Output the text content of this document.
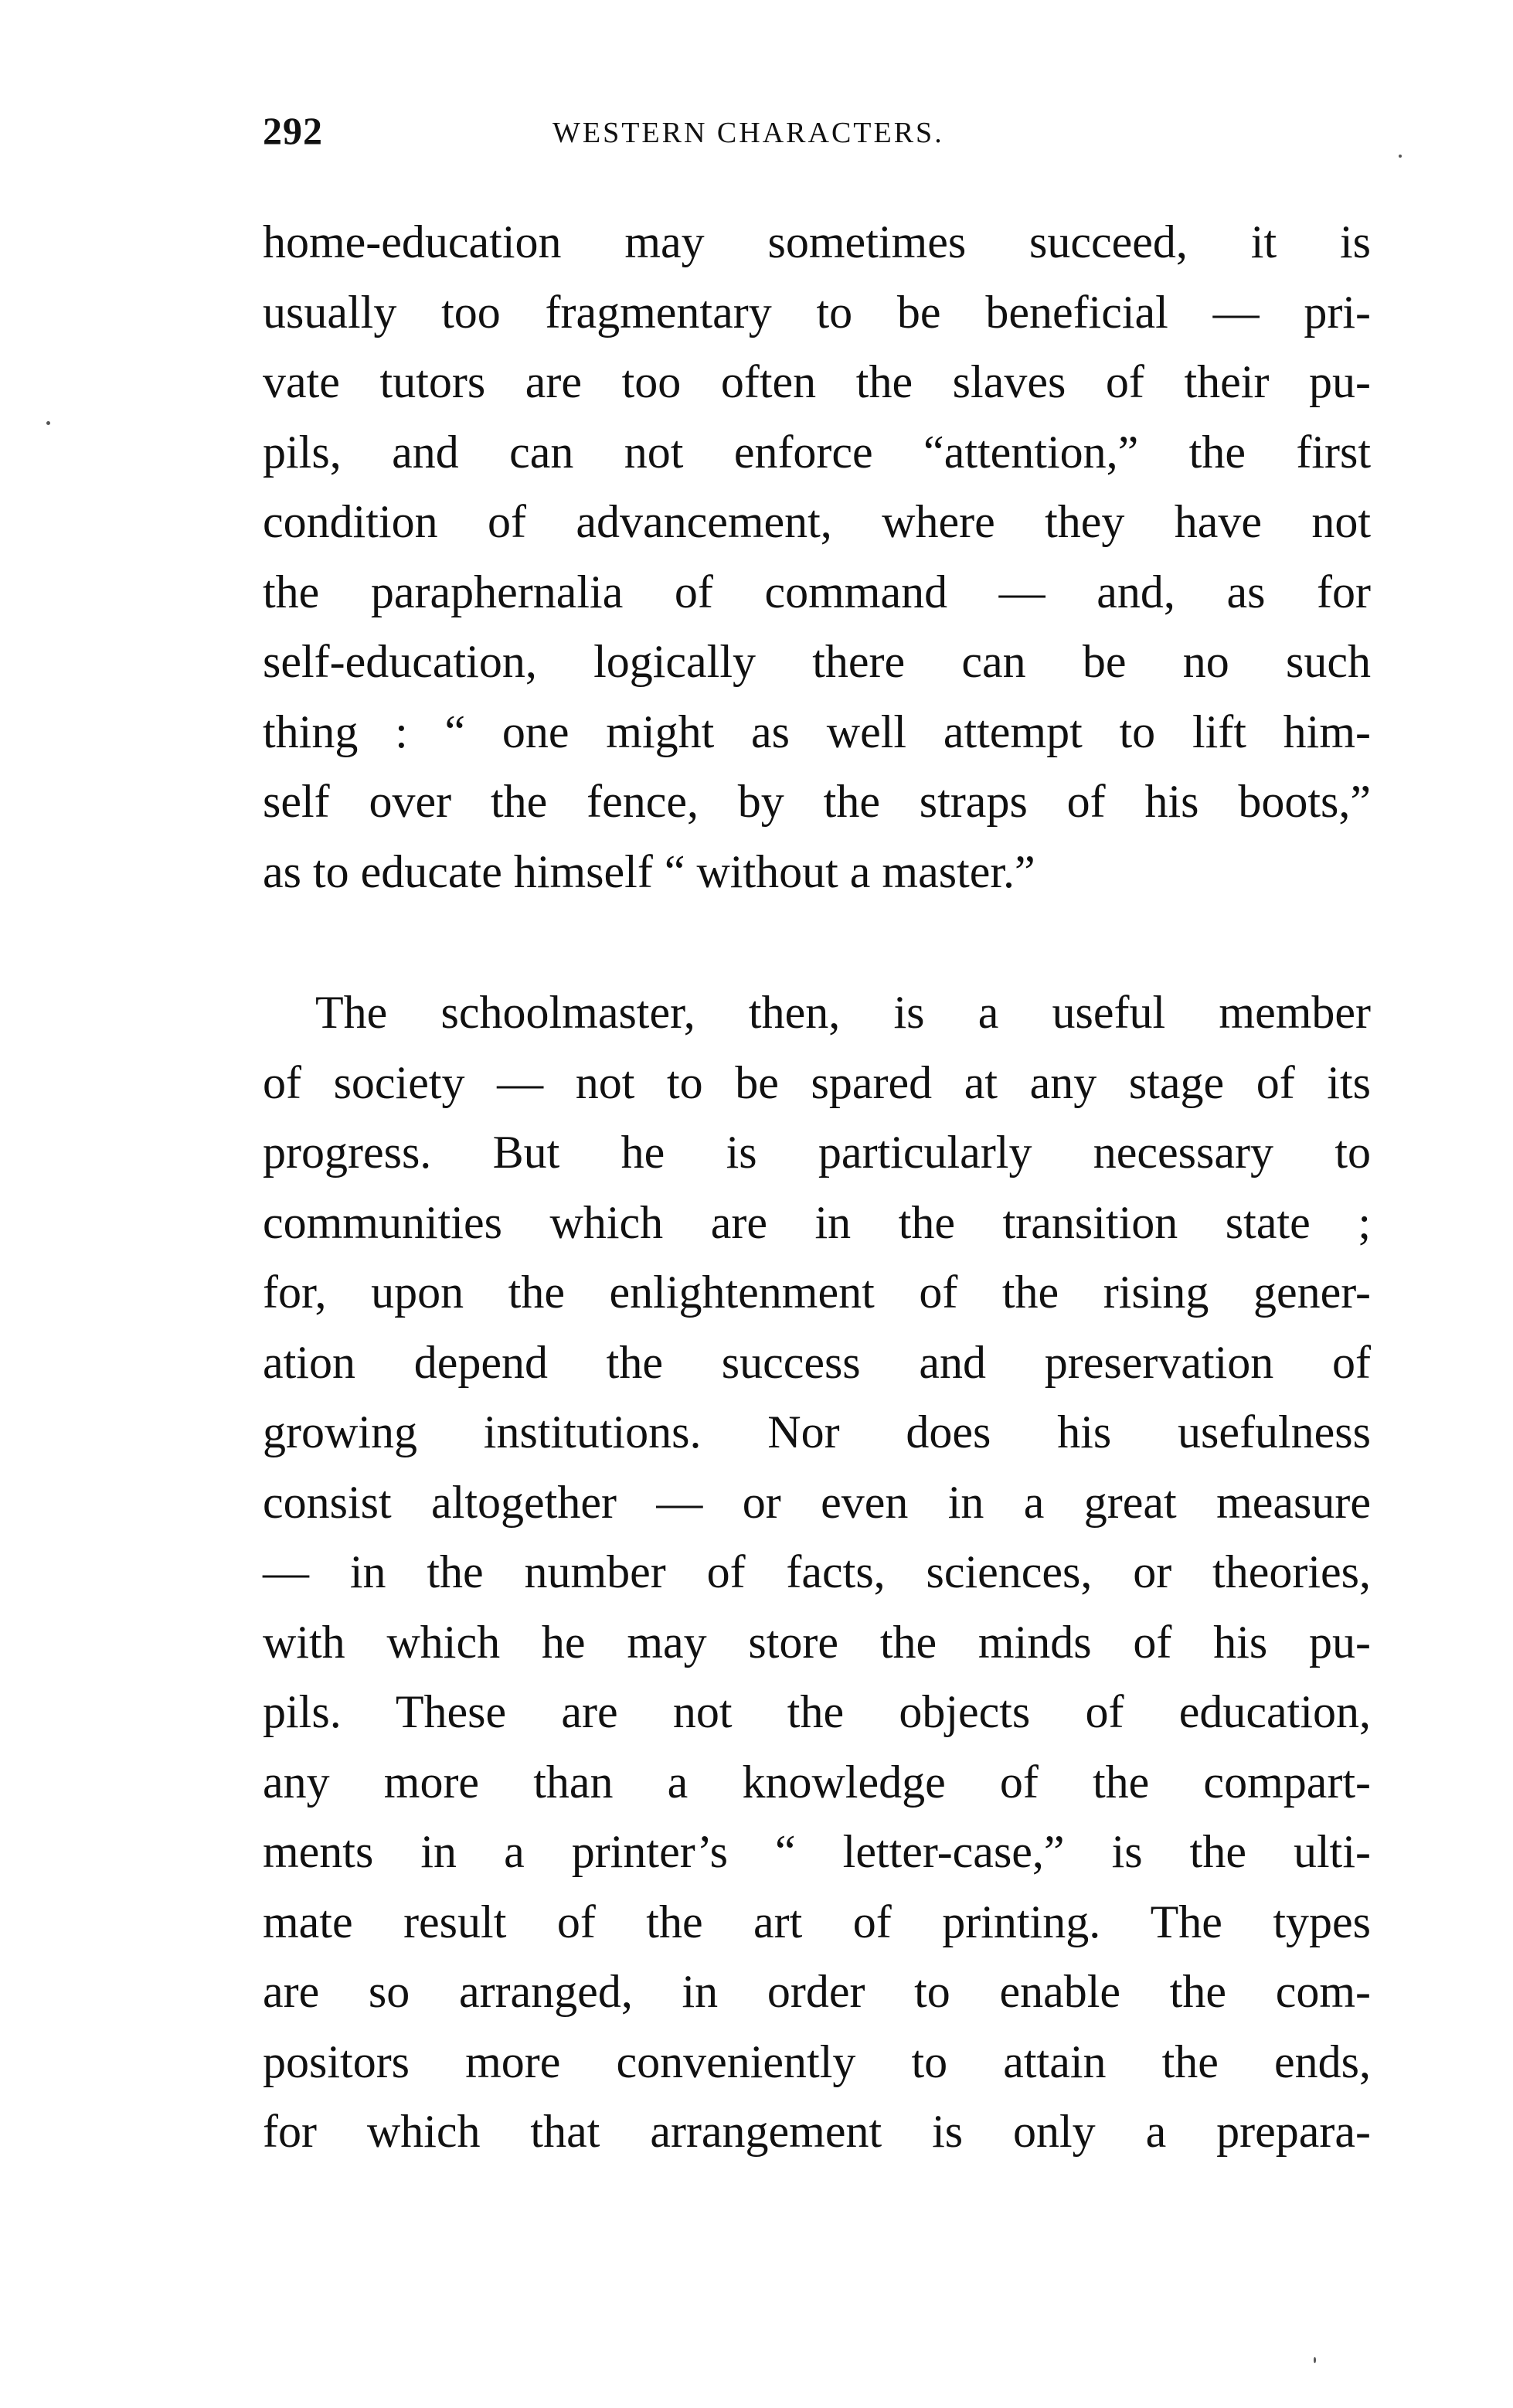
292	WESTERN CHARACTERS.
home-education may sometimes succeed, it is
usually too fragmentary to be beneficial — pri-
vate tutors are too often the slaves of their pu-
pils, and can not enforce “attention,” the first
condition of advancement, where they have not
the paraphernalia of command — and, as for
self-education, logically there can be no such
thing : “ one might as well attempt to lift him-
self over the fence, by the straps of his boots,”
as to educate himself “ without a master.”
The schoolmaster, then, is a useful member
of society — not to be spared at any stage of its
progress. But he is particularly necessary to
communities which are in the transition state ;
for, upon the enlightenment of the rising gener-
ation depend the success and preservation of
growing institutions. Nor does his usefulness
consist altogether — or even in a great measure
— in the number of facts, sciences, or theories,
with which he may store the minds of his pu-
pils. These are not the objects of education,
any more than a knowledge of the compart-
ments in a printer’s “ letter-case,” is the ulti-
mate result of the art of printing. The types
are so arranged, in order to enable the com-
positors more conveniently to attain the ends,
for which that arrangement is only a prepara-
